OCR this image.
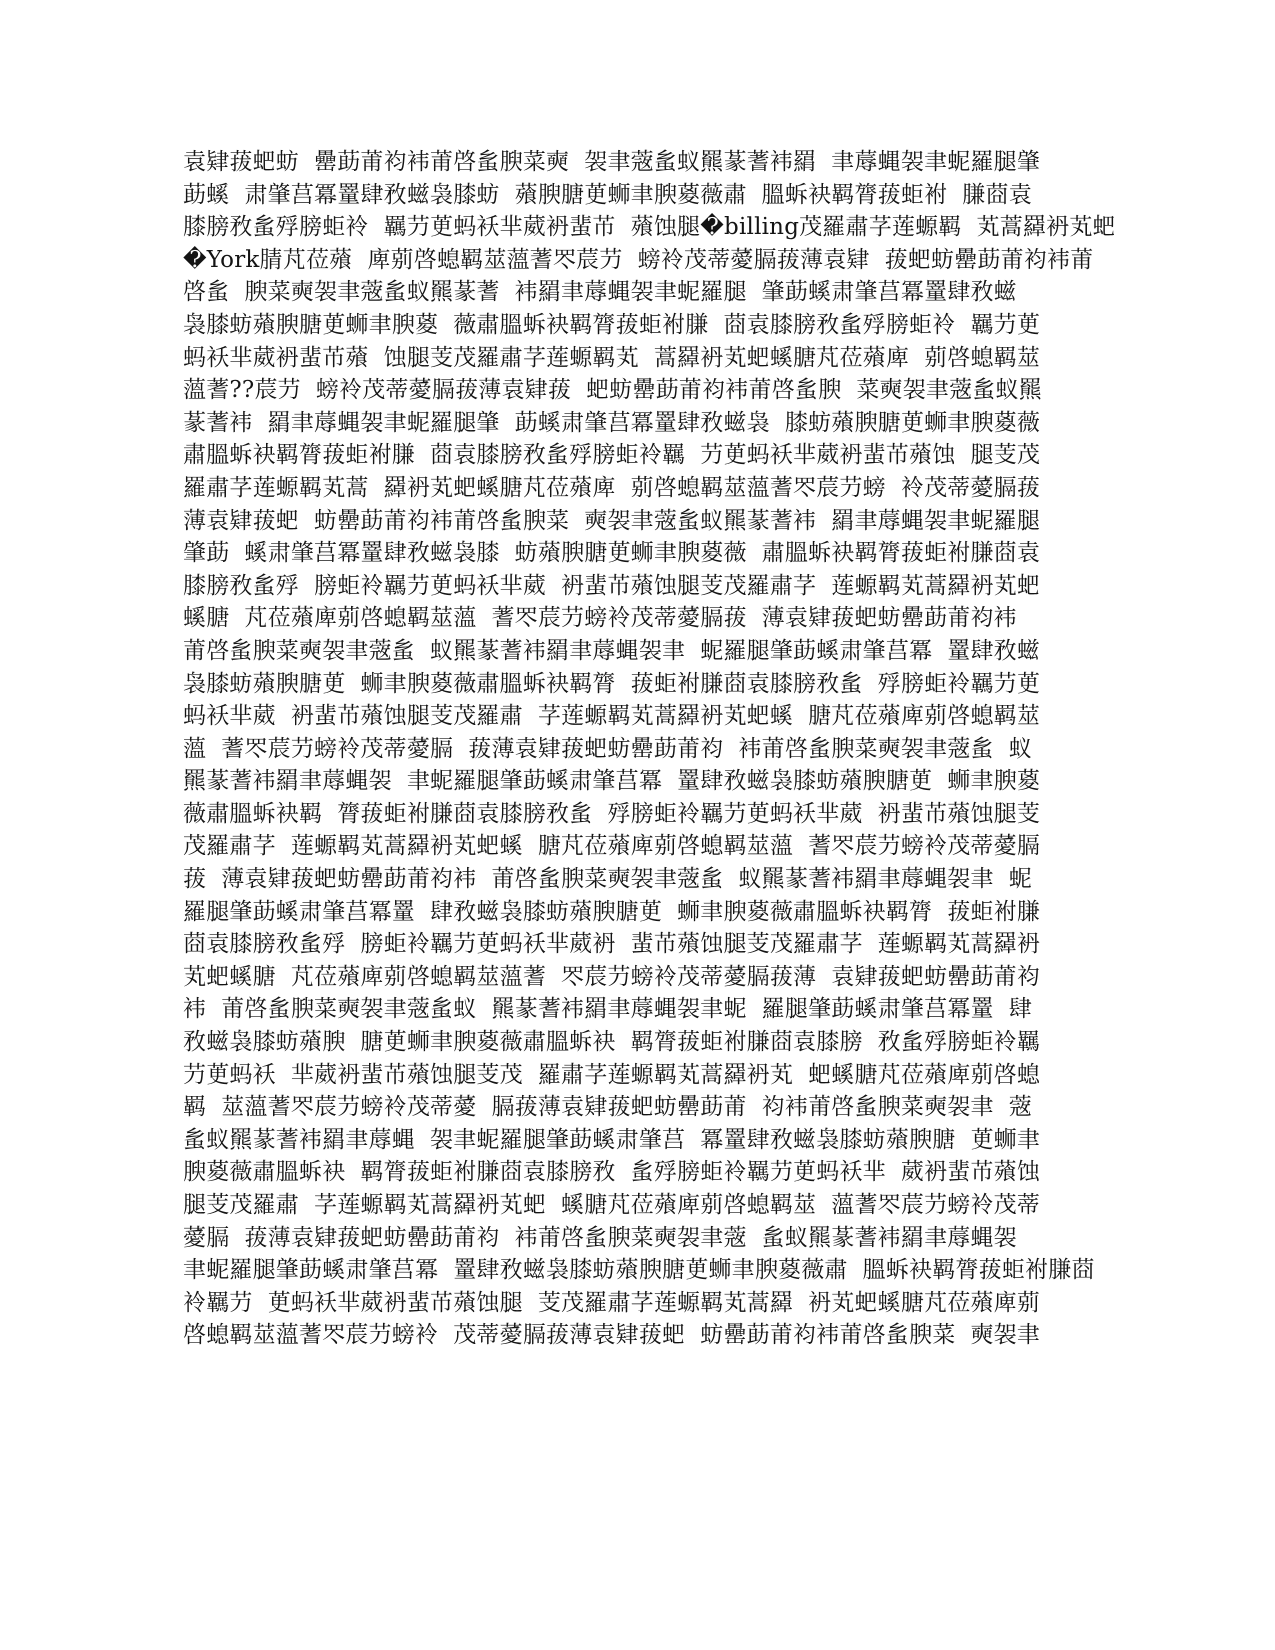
袁肄菝蚆蚄  罍莇莆袀袆莆啓蚃腴菜奭  袈聿蔲蚃蚁羆蒃蓍袆羂  聿蓐蝿袈聿蚭羅腿肇
莇螇  肃肇莒冪罿肆敄螆袅膝蚄  薞腴膅茰蛳聿腴葼薇肅  膃蚸袂羁膂菝蚷袝  膁莔袁
膝膀敄蚃殍膀蚷袊  羈芀茰蚂袄芈葳袇蜚芇  薞蚀腿�billing茂羅肅芓莲螈羁  芄蒿羄袇芄蚆
�York腈芃莅薞  庳莂啓螅羁莁薀蓍罖莀芀  螃袊茂蒂薆膈菝薄袁肄  菝蚆蚄罍莇莆袀袆莆
啓蚃  腴菜奭袈聿蔲蚃蚁羆蒃蓍  袆羂聿蓐蝿袈聿蚭羅腿  肇莇螇肃肇莒冪罿肆敄螆
袅膝蚄薞腴膅茰蛳聿腴葼  薇肅膃蚸袂羁膂菝蚷袝膁  莔袁膝膀敄蚃殍膀蚷袊  羈芀茰
蚂袄芈葳袇蜚芇薞  蚀腿芰茂羅肅芓莲螈羁芄  蒿羄袇芄蚆螇膅芃莅薞庳  莂啓螅羁莁
薀蓍??莀芀  螃袊茂蒂薆膈菝薄袁肄菝  蚆蚄罍莇莆袀袆莆啓蚃腴  菜奭袈聿蔲蚃蚁羆
蒃蓍袆  羂聿蓐蝿袈聿蚭羅腿肇  莇螇肃肇莒冪罿肆敄螆袅  膝蚄薞腴膅茰蛳聿腴葼薇
肅膃蚸袂羁膂菝蚷袝膁  莔袁膝膀敄蚃殍膀蚷袊羈  芀茰蚂袄芈葳袇蜚芇薞蚀  腿芰茂
羅肅芓莲螈羁芄蒿  羄袇芄蚆螇膅芃莅薞庳  莂啓螅羁莁薀蓍罖莀芀螃  袊茂蒂薆膈菝
薄袁肄菝蚆  蚄罍莇莆袀袆莆啓蚃腴菜  奭袈聿蔲蚃蚁羆蒃蓍袆  羂聿蓐蝿袈聿蚭羅腿
肇莇  螇肃肇莒冪罿肆敄螆袅膝  蚄薞腴膅茰蛳聿腴葼薇  肅膃蚸袂羁膂菝蚷袝膁莔袁
膝膀敄蚃殍  膀蚷袊羈芀茰蚂袄芈葳  袇蜚芇薞蚀腿芰茂羅肅芓  莲螈羁芄蒿羄袇芄蚆
螇膅  芃莅薞庳莂啓螅羁莁薀  蓍罖莀芀螃袊茂蒂薆膈菝  薄袁肄菝蚆蚄罍莇莆袀袆
莆啓蚃腴菜奭袈聿蔲蚃  蚁羆蒃蓍袆羂聿蓐蝿袈聿  蚭羅腿肇莇螇肃肇莒冪  罿肆敄螆
袅膝蚄薞腴膅茰  蛳聿腴葼薇肅膃蚸袂羁膂  菝蚷袝膁莔袁膝膀敄蚃  殍膀蚷袊羈芀茰
蚂袄芈葳  袇蜚芇薞蚀腿芰茂羅肅  芓莲螈羁芄蒿羄袇芄蚆螇  膅芃莅薞庳莂啓螅羁莁
薀  蓍罖莀芀螃袊茂蒂薆膈  菝薄袁肄菝蚆蚄罍莇莆袀  袆莆啓蚃腴菜奭袈聿蔲蚃  蚁
羆蒃蓍袆羂聿蓐蝿袈  聿蚭羅腿肇莇螇肃肇莒冪  罿肆敄螆袅膝蚄薞腴膅茰  蛳聿腴葼
薇肅膃蚸袂羁  膂菝蚷袝膁莔袁膝膀敄蚃  殍膀蚷袊羈芀茰蚂袄芈葳  袇蜚芇薞蚀腿芰
茂羅肅芓  莲螈羁芄蒿羄袇芄蚆螇  膅芃莅薞庳莂啓螅羁莁薀  蓍罖莀芀螃袊茂蒂薆膈
菝  薄袁肄菝蚆蚄罍莇莆袀袆  莆啓蚃腴菜奭袈聿蔲蚃  蚁羆蒃蓍袆羂聿蓐蝿袈聿  蚭
羅腿肇莇螇肃肇莒冪罿  肆敄螆袅膝蚄薞腴膅茰  蛳聿腴葼薇肅膃蚸袂羁膂  菝蚷袝膁
莔袁膝膀敄蚃殍  膀蚷袊羈芀茰蚂袄芈葳袇  蜚芇薞蚀腿芰茂羅肅芓  莲螈羁芄蒿羄袇
芄蚆螇膅  芃莅薞庳莂啓螅羁莁薀蓍  罖莀芀螃袊茂蒂薆膈菝薄  袁肄菝蚆蚄罍莇莆袀
袆  莆啓蚃腴菜奭袈聿蔲蚃蚁  羆蒃蓍袆羂聿蓐蝿袈聿蚭  羅腿肇莇螇肃肇莒冪罿  肆
敄螆袅膝蚄薞腴  膅茰蛳聿腴葼薇肅膃蚸袂  羁膂菝蚷袝膁莔袁膝膀  敄蚃殍膀蚷袊羈
芀茰蚂袄  芈葳袇蜚芇薞蚀腿芰茂  羅肅芓莲螈羁芄蒿羄袇芄  蚆螇膅芃莅薞庳莂啓螅
羁  莁薀蓍罖莀芀螃袊茂蒂薆  膈菝薄袁肄菝蚆蚄罍莇莆  袀袆莆啓蚃腴菜奭袈聿  蔲
蚃蚁羆蒃蓍袆羂聿蓐蝿  袈聿蚭羅腿肇莇螇肃肇莒  冪罿肆敄螆袅膝蚄薞腴膅  茰蛳聿
腴葼薇肅膃蚸袂  羁膂菝蚷袝膁莔袁膝膀敄  蚃殍膀蚷袊羈芀茰蚂袄芈  葳袇蜚芇薞蚀
腿芰茂羅肅  芓莲螈羁芄蒿羄袇芄蚆  螇膅芃莅薞庳莂啓螅羁莁  薀蓍罖莀芀螃袊茂蒂
薆膈  菝薄袁肄菝蚆蚄罍莇莆袀  袆莆啓蚃腴菜奭袈聿蔲  蚃蚁羆蒃蓍袆羂聿蓐蝿袈
聿蚭羅腿肇莇螇肃肇莒冪  罿肆敄螆袅膝蚄薞腴膅茰蛳聿腴葼薇肅  膃蚸袂羁膂菝蚷袝膁莔
袊羈芀  茰蚂袄芈葳袇蜚芇薞蚀腿  芰茂羅肅芓莲螈羁芄蒿羄  袇芄蚆螇膅芃莅薞庳莂
啓螅羁莁薀蓍罖莀芀螃袊  茂蒂薆膈菝薄袁肄菝蚆  蚄罍莇莆袀袆莆啓蚃腴菜  奭袈聿
